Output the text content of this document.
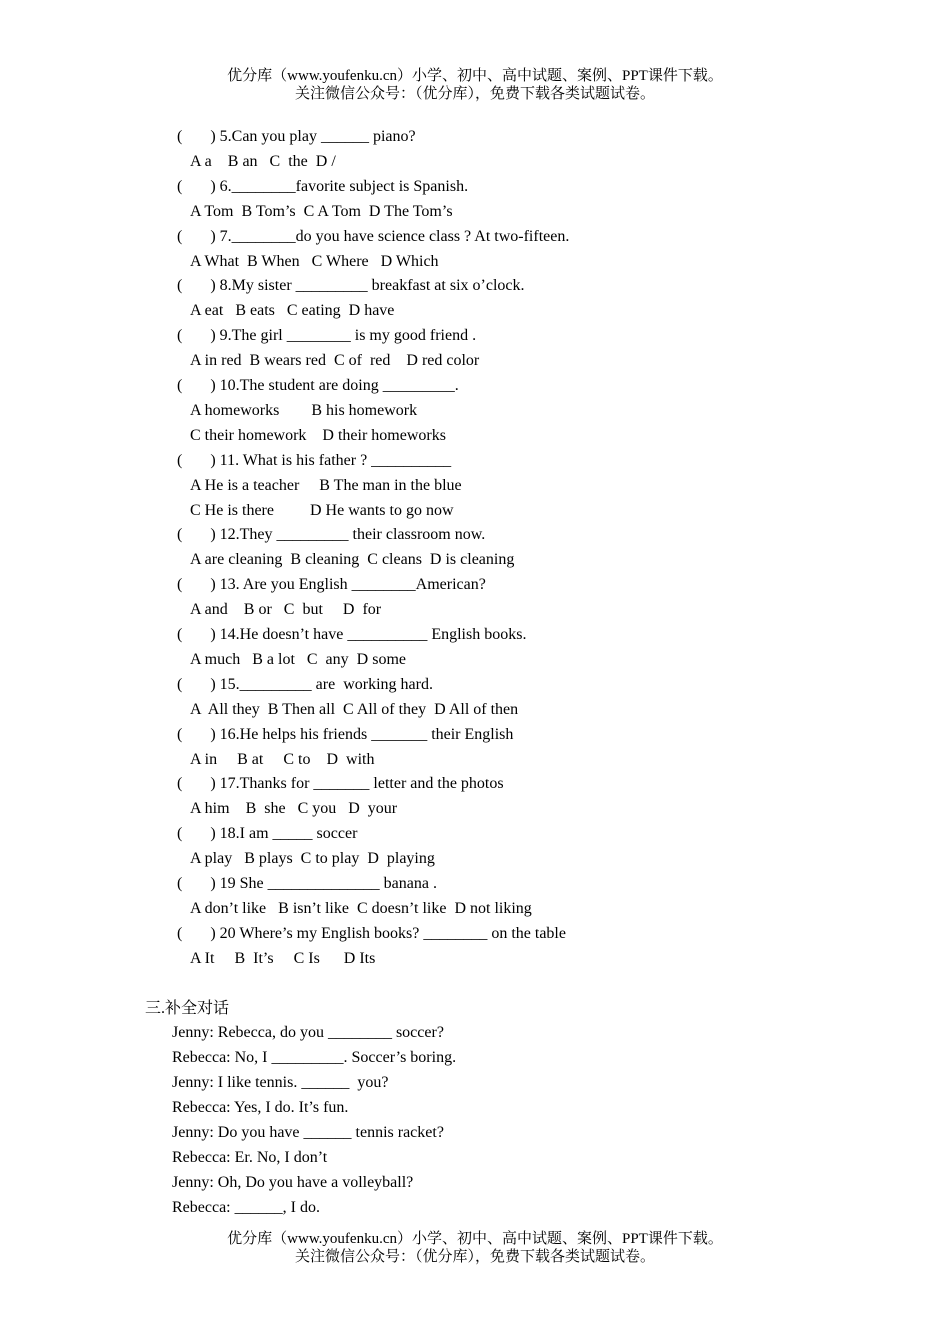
优分库（www.youfenku.cn）小学、初中、高中试题、案例、PPT课件下载。
关注微信公众号：（优分库），免费下载各类试题试卷。
(       ) 5.Can you play ______ piano?
A a    B an   C  the  D /
(       ) 6.________favorite subject is Spanish.
A Tom  B Tom’s  C A Tom  D The Tom’s
(       ) 7.________do you have science class ? At two-fifteen.
A What  B When   C Where   D Which
(       ) 8.My sister _________ breakfast at six o’clock.
A eat   B eats   C eating  D have
(       ) 9.The girl ________ is my good friend .
A in red  B wears red  C of  red    D red color
(       ) 10.The student are doing _________.
A homeworks        B his homework
C their homework    D their homeworks
(       ) 11. What is his father ? __________
A He is a teacher     B The man in the blue
C He is there         D He wants to go now
(       ) 12.They _________ their classroom now.
A are cleaning  B cleaning  C cleans  D is cleaning
(       ) 13. Are you English ________American?
A and    B or   C  but     D  for
(       ) 14.He doesn’t have __________ English books.
A much   B a lot   C  any  D some
(       ) 15._________ are  working hard.
A  All they  B Then all  C All of they  D All of then
(       ) 16.He helps his friends _______ their English
A in     B at     C to    D  with
(       ) 17.Thanks for _______ letter and the photos
A him    B  she   C you   D  your
(       ) 18.I am _____ soccer
A play   B plays  C to play  D  playing
(       ) 19 She ______________ banana .
A don’t like   B isn’t like  C doesn’t like  D not liking
(       ) 20 Where’s my English books? ________ on the table
A It     B  It’s     C Is      D Its
三.补全对话
Jenny: Rebecca, do you ________ soccer?
Rebecca: No, I _________. Soccer’s boring.
Jenny: I like tennis. ______  you?
Rebecca: Yes, I do. It’s fun.
Jenny: Do you have ______ tennis racket?
Rebecca: Er. No, I don’t
Jenny: Oh, Do you have a volleyball?
Rebecca: ______, I do.
优分库（www.youfenku.cn）小学、初中、高中试题、案例、PPT课件下载。
关注微信公众号：（优分库），免费下载各类试题试卷。
